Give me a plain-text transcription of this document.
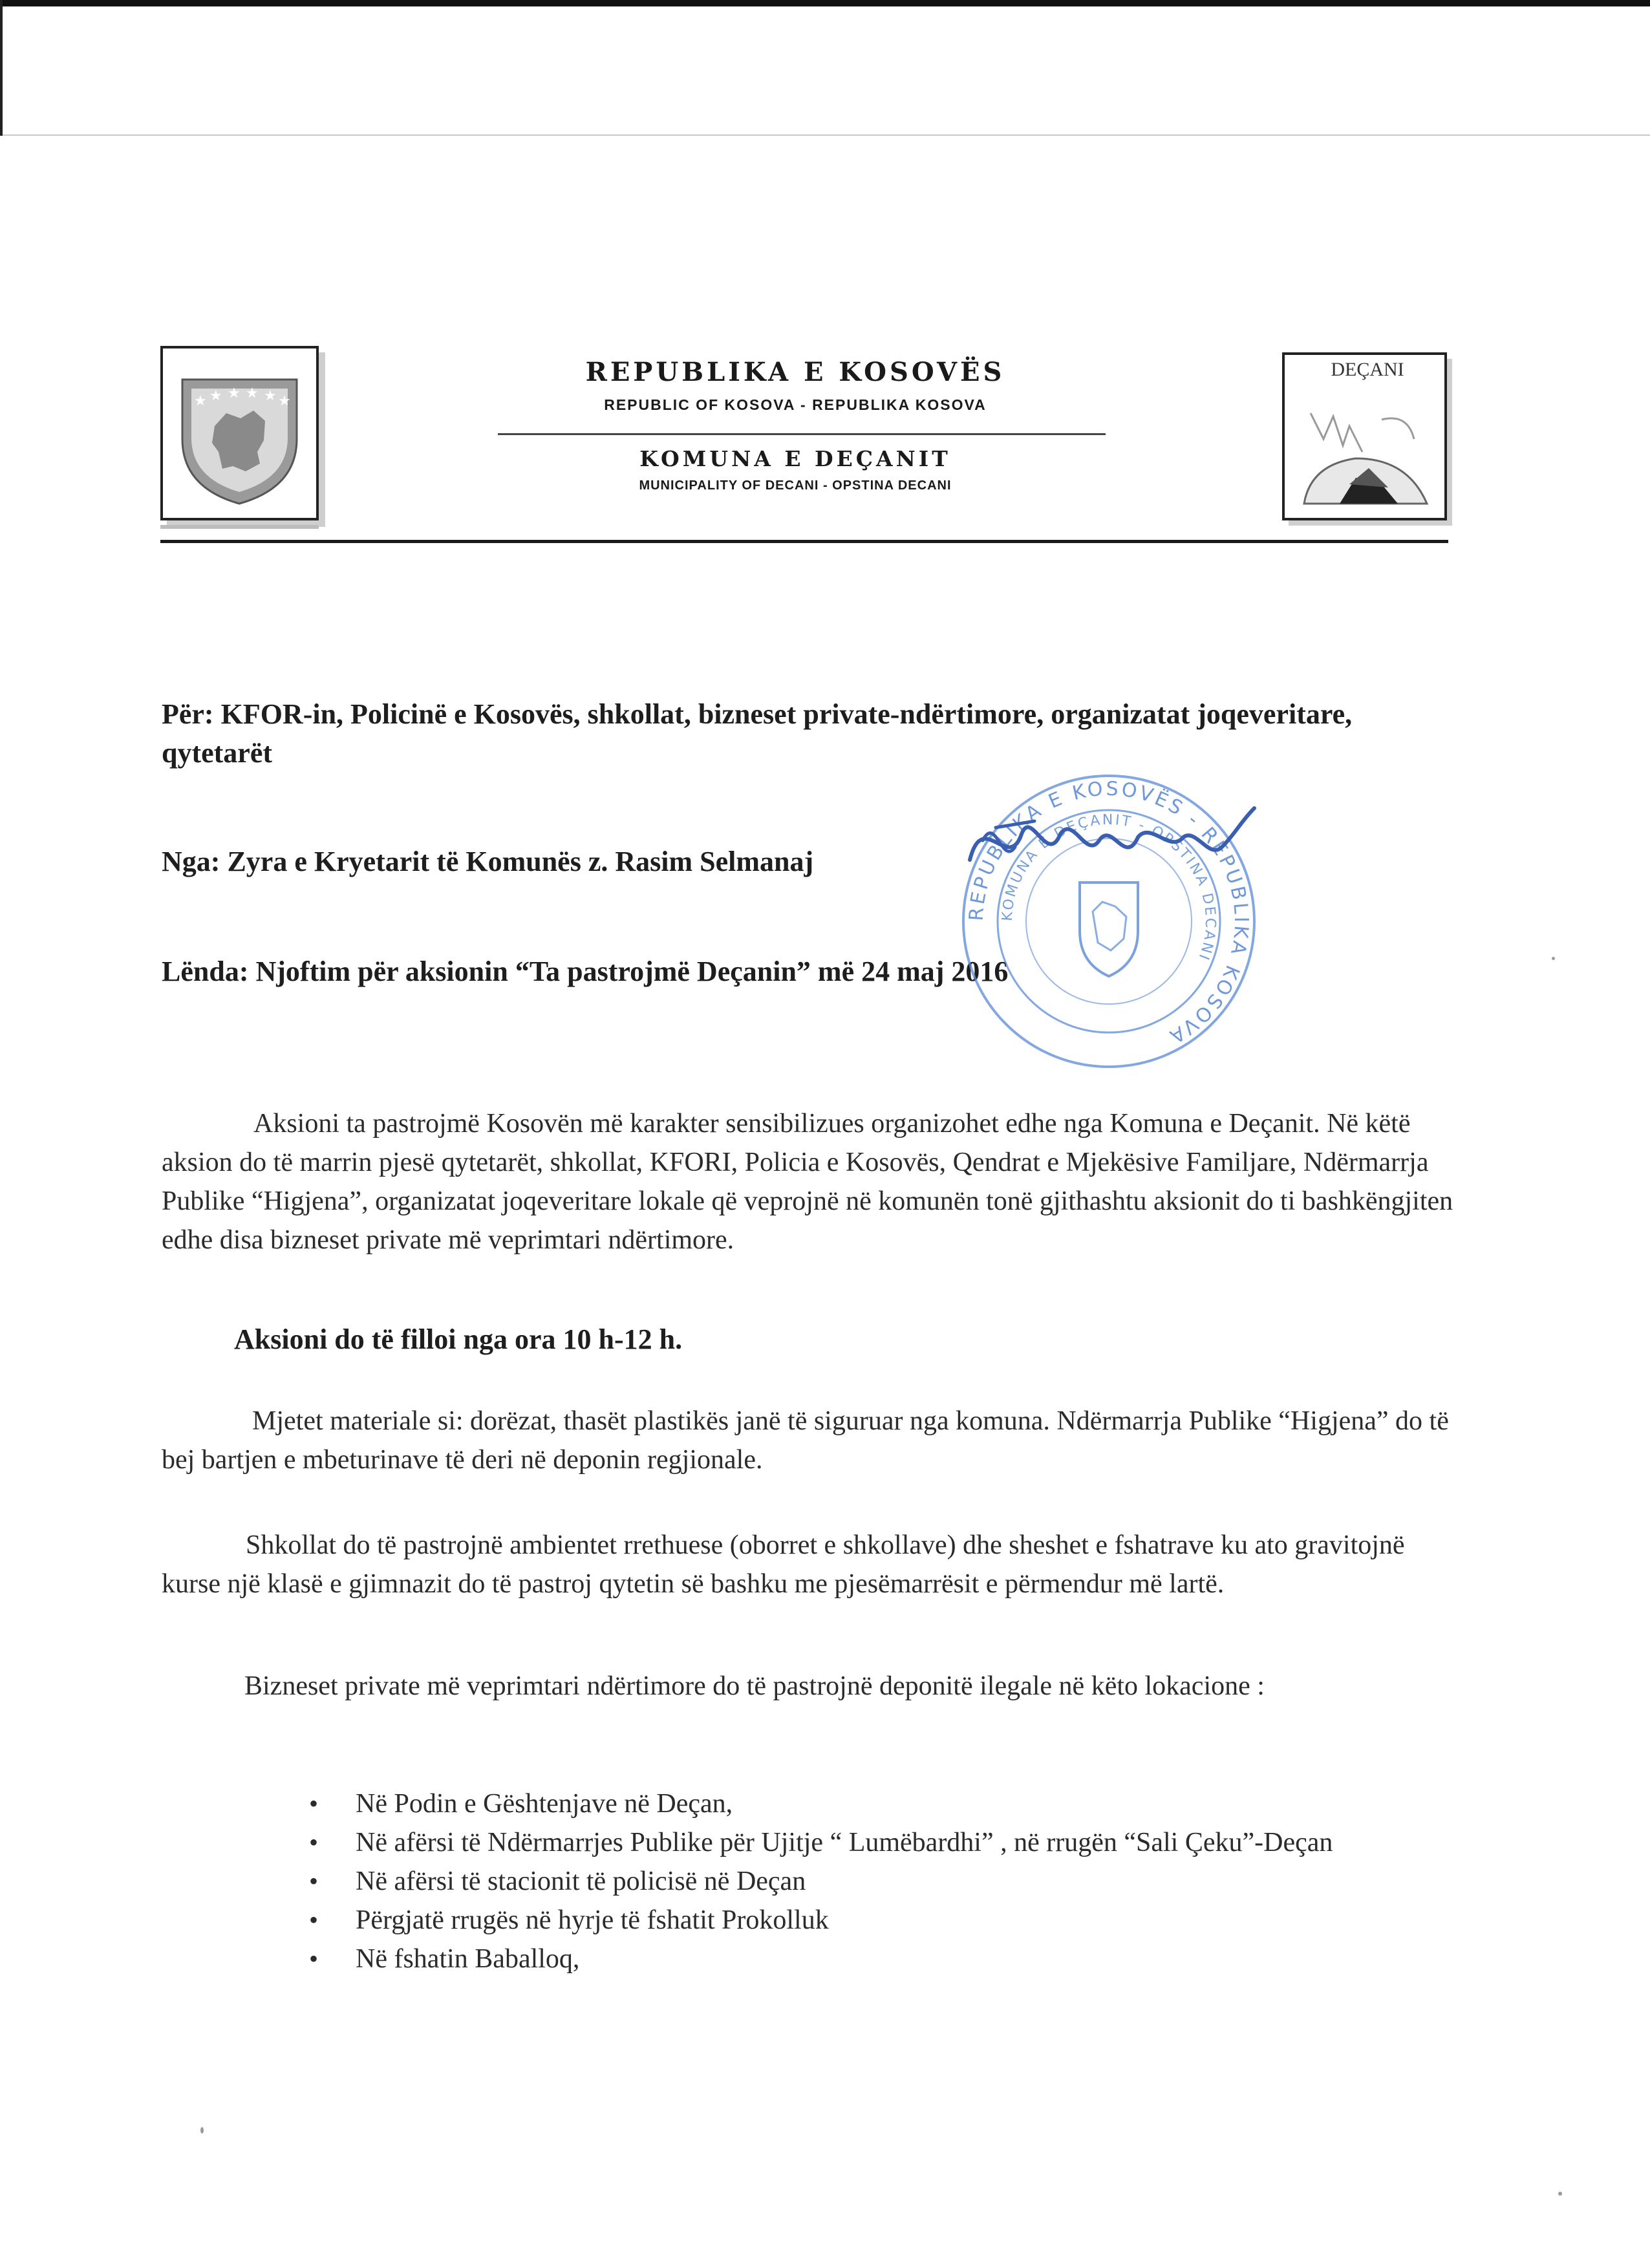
★ ★ ★ ★ ★ ★
REPUBLIKA E KOSOVËS
REPUBLIC OF KOSOVA - REPUBLIKA KOSOVA
KOMUNA E DEÇANIT
MUNICIPALITY OF DECANI - OPSTINA DECANI
DEÇANI
Për: KFOR-in, Policinë e Kosovës, shkollat, bizneset private-ndërtimore, organizatat joqeveritare, qytetarët
Nga: Zyra e Kryetarit të Komunës z. Rasim Selmanaj
Lënda: Njoftim për aksionin “Ta pastrojmë Deçanin” më 24 maj 2016
Aksioni ta pastrojmë Kosovën më karakter sensibilizues organizohet edhe nga Komuna e Deçanit. Në këtë aksion do të marrin pjesë qytetarët, shkollat, KFORI, Policia e Kosovës, Qendrat e Mjekësive Familjare, Ndërmarrja Publike “Higjena”, organizatat joqeveritare lokale që veprojnë në komunën tonë gjithashtu aksionit do ti bashkëngjiten edhe disa bizneset private më veprimtari ndërtimore.
Aksioni do të filloi nga ora 10 h-12 h.
Mjetet materiale si: dorëzat, thasët plastikës janë të siguruar nga komuna. Ndërmarrja Publike “Higjena” do të bej bartjen e mbeturinave të deri në deponin regjionale.
Shkollat do të pastrojnë ambientet rrethuese (oborret e shkollave) dhe sheshet e fshatrave ku ato gravitojnë kurse një klasë e gjimnazit do të pastroj qytetin së bashku me pjesëmarrësit e përmendur më lartë.
Bizneset private më veprimtari ndërtimore do të pastrojnë deponitë ilegale në këto lokacione :
• Në Podin e Gështenjave në Deçan,
• Në afërsi të Ndërmarrjes Publike për Ujitje “ Lumëbardhi” , në rrugën “Sali Çeku”-Deçan
• Në afërsi të stacionit të policisë në Deçan
• Përgjatë rrugës në hyrje të fshatit Prokolluk
• Në fshatin Baballoq,
REPUBLIKA E KOSOVËS - REPUBLIKA KOSOVA
KOMUNA E DEÇANIT - OPSTINA DECANI
